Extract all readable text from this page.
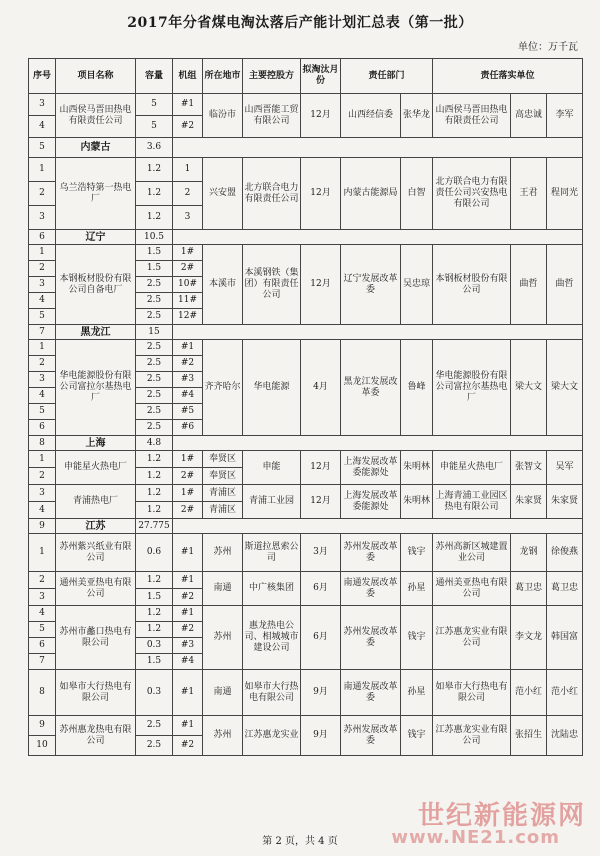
2017年分省煤电淘汰落后产能计划汇总表（第一批）
单位：万千瓦
序号	项目名称	容量	机组	所在地市	主要控股方	拟淘汰月份	责任部门		责任落实单位		
3	山西侯马晋田热电有限责任公司	5	#1	临汾市	山西晋能工贸有限公司	12月	山西经信委	张华龙	山西侯马晋田热电有限责任公司	高忠诚	李军
4		5	#2								
5	内蒙古	3.6									
1	乌兰浩特第一热电厂	1.2	1	兴安盟	北方联合电力有限责任公司	12月	内蒙古能源局	白智	北方联合电力有限责任公司兴安热电有限公司	王君	程同光
2		1.2	2								
3		1.2	3								
6	辽宁	10.5									
1	本钢板材股份有限公司自备电厂	1.5	1#	本溪市	本溪钢铁（集团）有限责任公司	12月	辽宁发展改革委	吴忠琼	本钢板材股份有限公司	曲哲	曲哲
2		1.5	2#								
3		2.5	10#								
4		2.5	11#								
5		2.5	12#								
7	黑龙江	15									
1	华电能源股份有限公司富拉尔基热电厂	2.5	#1	齐齐哈尔	华电能源	4月	黑龙江发展改革委	鲁峰	华电能源股份有限公司富拉尔基热电厂	梁大文	梁大文
2		2.5	#2								
3		2.5	#3								
4		2.5	#4								
5		2.5	#5								
6		2.5	#6								
8	上海	4.8									
1	申能星火热电厂	1.2	1#	奉贤区	申能	12月	上海发展改革委能源处	朱明林	申能星火热电厂	张智文	吴军
2		1.2	2#	奉贤区							
3	青浦热电厂	1.2	1#	青浦区	青浦工业园	12月	上海发展改革委能源处	朱明林	上海青浦工业园区热电有限公司	朱家贤	朱家贤
4		1.2	2#	青浦区							
9	江苏	27.775									
1	苏州紫兴纸业有限公司	0.6	#1	苏州	斯道拉恩索公司	3月	苏州发展改革委	钱宇	苏州高新区城建置业公司	龙钢	徐俊燕
2	通州美亚热电有限公司	1.2	#1	南通	中广核集团	6月	南通发展改革委	孙星	通州美亚热电有限公司	葛卫忠	葛卫忠
3		1.5	#2								
4	苏州市蠡口热电有限公司	1.2	#1	苏州	惠龙热电公司、相城城市建设公司	6月	苏州发展改革委	钱宇	江苏惠龙实业有限公司	李文龙	韩国富
5		1.2	#2								
6		0.3	#3								
7		1.5	#4								
8	如皋市大行热电有限公司	0.3	#1	南通	如皋市大行热电有限公司	9月	南通发展改革委	孙星	如皋市大行热电有限公司	范小红	范小红
9	苏州惠龙热电有限公司	2.5	#1	苏州	江苏惠龙实业	9月	苏州发展改革委	钱宇	江苏惠龙实业有限公司	张招生	沈陆忠
10		2.5	#2								
第 2 页，共 4 页
世纪新能源网
www.NE21.com
